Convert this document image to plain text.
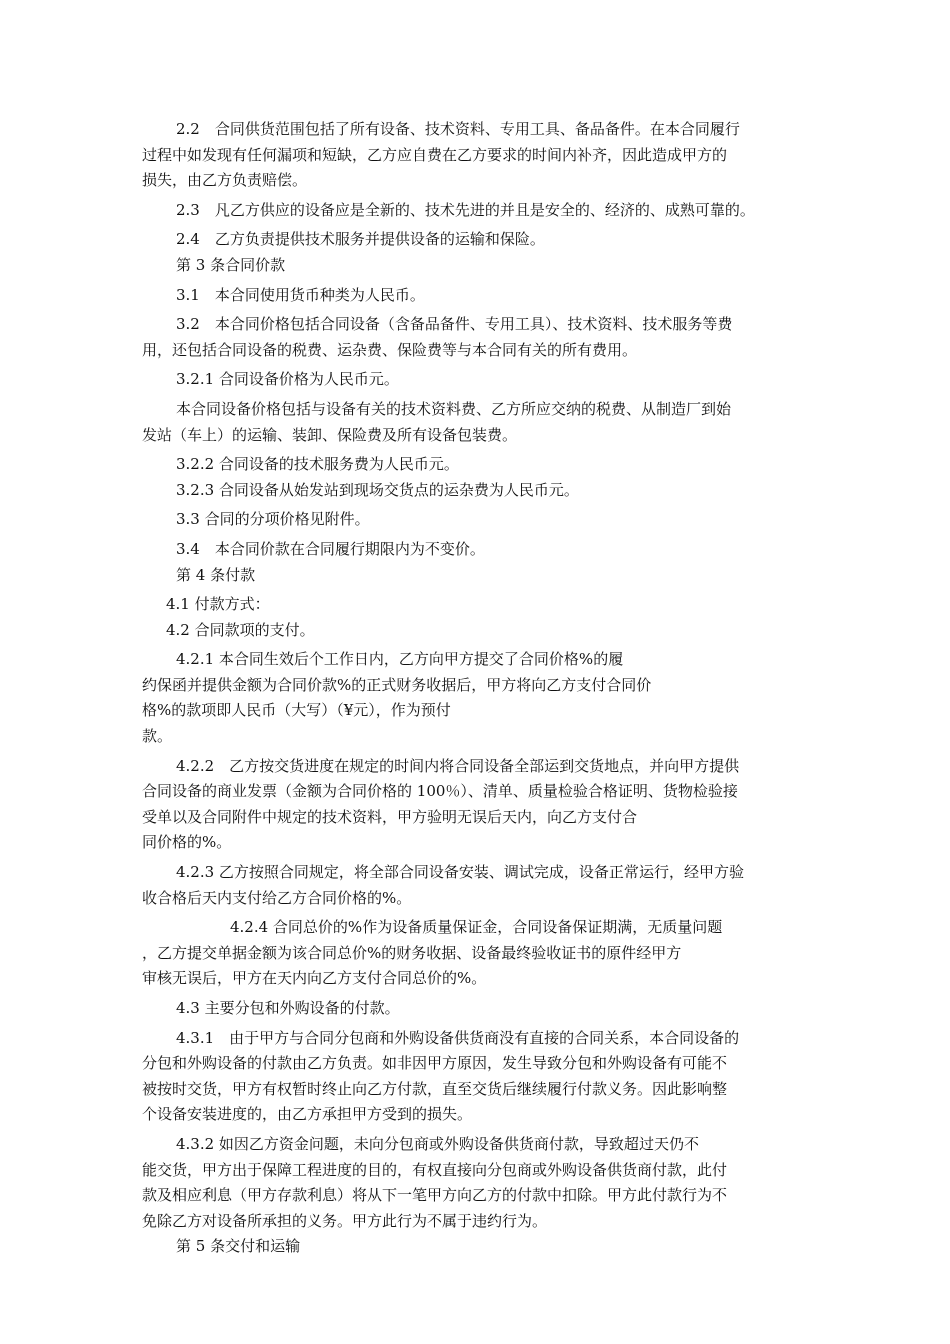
2.2　合同供货范围包括了所有设备、技术资料、专用工具、备品备件。在本合同履行

过程中如发现有任何漏项和短缺，乙方应自费在乙方要求的时间内补齐，因此造成甲方的

损失，由乙方负责赔偿。

2.3　凡乙方供应的设备应是全新的、技术先进的并且是安全的、经济的、成熟可靠的。

2.4　乙方负责提供技术服务并提供设备的运输和保险。

第 3 条合同价款

3.1　本合同使用货币种类为人民币。

3.2　本合同价格包括合同设备（含备品备件、专用工具）、技术资料、技术服务等费

用，还包括合同设备的税费、运杂费、保险费等与本合同有关的所有费用。

3.2.1 合同设备价格为人民币元。

本合同设备价格包括与设备有关的技术资料费、乙方所应交纳的税费、从制造厂到始

发站（车上）的运输、装卸、保险费及所有设备包装费。

3.2.2 合同设备的技术服务费为人民币元。

3.2.3 合同设备从始发站到现场交货点的运杂费为人民币元。

3.3 合同的分项价格见附件。

3.4　本合同价款在合同履行期限内为不变价。

第 4 条付款

4.1 付款方式：

4.2 合同款项的支付。

4.2.1 本合同生效后个工作日内，乙方向甲方提交了合同价格%的履

约保函并提供金额为合同价款%的正式财务收据后，甲方将向乙方支付合同价

格%的款项即人民币（大写）（¥元），作为预付

款。

4.2.2　乙方按交货进度在规定的时间内将合同设备全部运到交货地点，并向甲方提供

合同设备的商业发票（金额为合同价格的 100％）、清单、质量检验合格证明、货物检验接

受单以及合同附件中规定的技术资料，甲方验明无误后天内，向乙方支付合

同价格的%。

4.2.3 乙方按照合同规定，将全部合同设备安装、调试完成，设备正常运行，经甲方验

收合格后天内支付给乙方合同价格的%。

4.2.4 合同总价的%作为设备质量保证金，合同设备保证期满，无质量问题

，乙方提交单据金额为该合同总价%的财务收据、设备最终验收证书的原件经甲方

审核无误后，甲方在天内向乙方支付合同总价的%。

4.3 主要分包和外购设备的付款。

4.3.1　由于甲方与合同分包商和外购设备供货商没有直接的合同关系，本合同设备的

分包和外购设备的付款由乙方负责。如非因甲方原因，发生导致分包和外购设备有可能不

被按时交货，甲方有权暂时终止向乙方付款，直至交货后继续履行付款义务。因此影响整

个设备安装进度的，由乙方承担甲方受到的损失。

4.3.2 如因乙方资金问题，未向分包商或外购设备供货商付款，导致超过天仍不

能交货，甲方出于保障工程进度的目的，有权直接向分包商或外购设备供货商付款，此付

款及相应利息（甲方存款利息）将从下一笔甲方向乙方的付款中扣除。甲方此付款行为不

免除乙方对设备所承担的义务。甲方此行为不属于违约行为。

第 5 条交付和运输
